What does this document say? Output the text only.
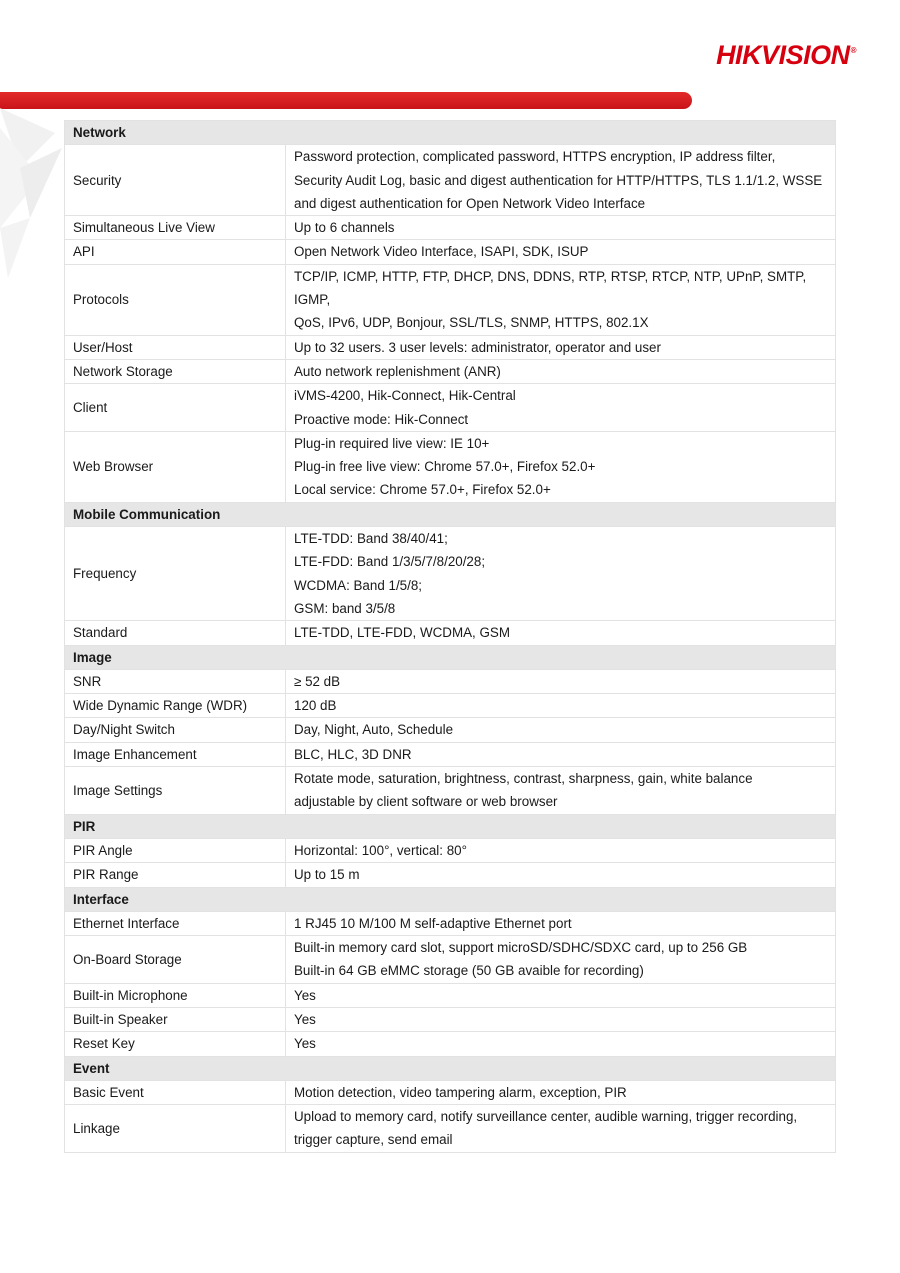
HIKVISION®
Network	
Security	Password protection, complicated password, HTTPS encryption, IP address filter,
Security Audit Log, basic and digest authentication for HTTP/HTTPS, TLS 1.1/1.2, WSSE
and digest authentication for Open Network Video Interface

Simultaneous Live View	Up to 6 channels

API	Open Network Video Interface, ISAPI, SDK, ISUP

Protocols	TCP/IP, ICMP, HTTP, FTP, DHCP, DNS, DDNS, RTP, RTSP, RTCP, NTP, UPnP, SMTP, IGMP,
QoS, IPv6, UDP, Bonjour, SSL/TLS, SNMP, HTTPS, 802.1X

User/Host	Up to 32 users. 3 user levels: administrator, operator and user

Network Storage	Auto network replenishment (ANR)

Client	iVMS-4200, Hik-Connect, Hik-Central
Proactive mode: Hik-Connect

Web Browser	Plug-in required live view: IE 10+
Plug-in free live view: Chrome 57.0+, Firefox 52.0+
Local service: Chrome 57.0+, Firefox 52.0+

Mobile Communication	
Frequency	LTE-TDD: Band 38/40/41;
LTE-FDD: Band 1/3/5/7/8/20/28;
WCDMA: Band 1/5/8;
GSM: band 3/5/8

Standard	LTE-TDD, LTE-FDD, WCDMA, GSM

Image	
SNR	≥ 52 dB

Wide Dynamic Range (WDR)	120 dB

Day/Night Switch	Day, Night, Auto, Schedule

Image Enhancement	BLC, HLC, 3D DNR

Image Settings	Rotate mode, saturation, brightness, contrast, sharpness, gain, white balance
adjustable by client software or web browser

PIR	
PIR Angle	Horizontal: 100°, vertical: 80°

PIR Range	Up to 15 m

Interface	
Ethernet Interface	1 RJ45 10 M/100 M self-adaptive Ethernet port

On-Board Storage	Built-in memory card slot, support microSD/SDHC/SDXC card, up to 256 GB
Built-in 64 GB eMMC storage (50 GB avaible for recording)

Built-in Microphone	Yes

Built-in Speaker	Yes

Reset Key	Yes

Event	
Basic Event	Motion detection, video tampering alarm, exception, PIR

Linkage	Upload to memory card, notify surveillance center, audible warning, trigger recording,
trigger capture, send email
